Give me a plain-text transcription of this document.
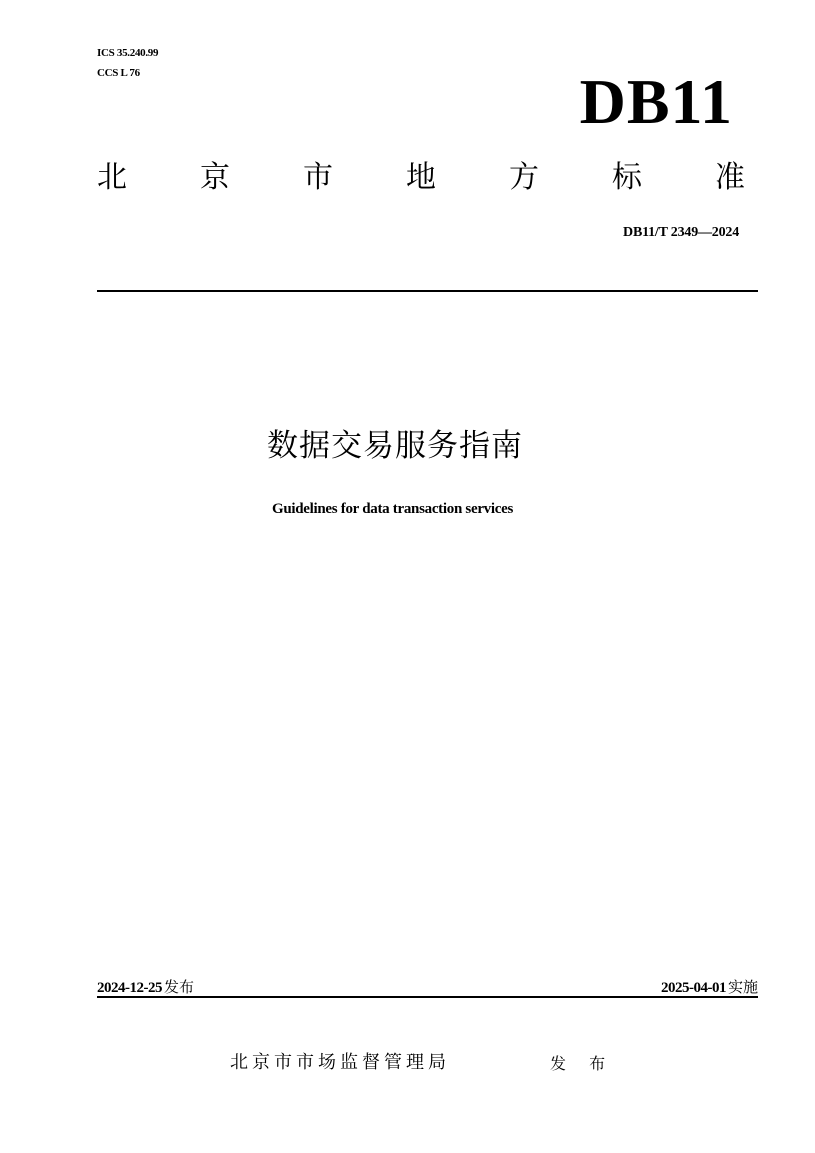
ICS 35.240.99
CCS L 76	DB11
北 京 市 地 方 标 准
DB11/T 2349—2024
数据交易服务指南
Guidelines for data transaction services
2024-12-25 发布	2025-04-01 实施
北京市市场监督管理局	发 布
